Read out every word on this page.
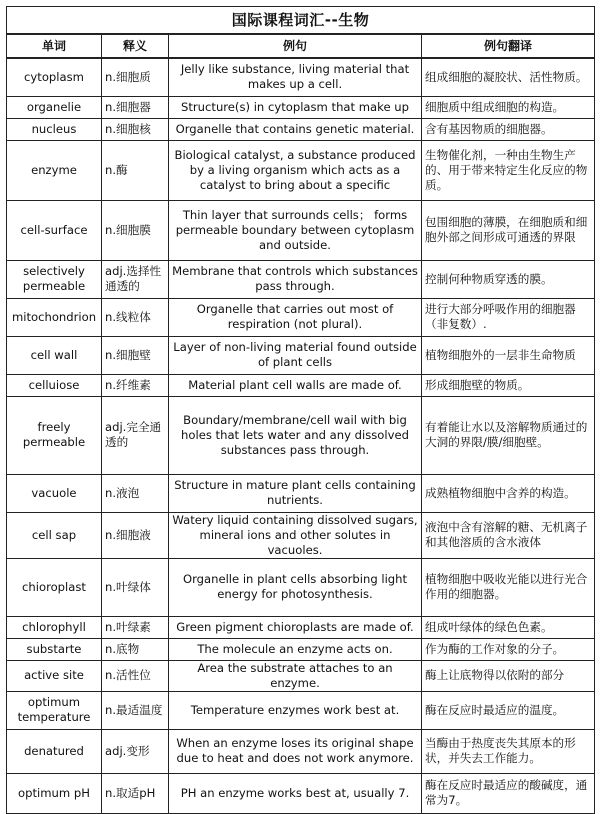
国际课程词汇--生物			
单词	释义	例句	例句翻译
cytoplasm	n.细胞质	Jelly like substance, living material that makes up a cell.	组成细胞的凝胶状、活性物质。
organelie	n.细胞器	Structure(s) in cytoplasm that make up	细胞质中组成细胞的构造。
nucleus	n.细胞核	Organelle that contains genetic material.	含有基因物质的细胞器。
enzyme	n.酶	Biological catalyst, a substance produced by a living organism which acts as a catalyst to bring about a specific	生物催化剂，一种由生物生产的、用于带来特定生化反应的物质。
cell-surface	n.细胞膜	Thin layer that surrounds cells； forms permeable boundary between cytoplasm and outside.	包围细胞的薄膜，在细胞质和细胞外部之间形成可通透的界限
selectively permeable	adj.选择性通透的	Membrane that controls which substances pass through.	控制何种物质穿透的膜。
mitochondrion	n.线粒体	Organelle that carries out most of respiration (not plural).	进行大部分呼吸作用的细胞器（非复数）.
cell wall	n.细胞壁	Layer of non-living material found outside of plant cells	植物细胞外的一层非生命物质
celluiose	n.纤维素	Material plant cell walls are made of.	形成细胞壁的物质。
freely permeable	adj.完全通透的	Boundary/membrane/cell wail with big holes that lets water and any dissolved substances pass through.	有着能让水以及溶解物质通过的大洞的界限/膜/细胞壁。
vacuole	n.液泡	Structure in mature plant cells containing nutrients.	成熟植物细胞中含养的构造。
cell sap	n.细胞液	Watery liquid containing dissolved sugars, mineral ions and other solutes in vacuoles.	液泡中含有溶解的糖、无机离子和其他溶质的含水液体
chioroplast	n.叶绿体	Organelle in plant cells absorbing light energy for photosynthesis.	植物细胞中吸收光能以进行光合作用的细胞器。
chlorophyll	n.叶绿素	Green pigment chioroplasts are made of.	组成叶绿体的绿色色素。
substarte	n.底物	The molecule an enzyme acts on.	作为酶的工作对象的分子。
active site	n.活性位	Area the substrate attaches to an enzyme.	酶上让底物得以依附的部分
optimum temperature	n.最适温度	Temperature enzymes work best at.	酶在反应时最适应的温度。
denatured	adj.变形	When an enzyme loses its original shape due to heat and does not work anymore.	当酶由于热度丧失其原本的形状，并失去工作能力。
optimum pH	n.取适pH	PH an enzyme works best at, usually 7.	酶在反应时最适应的酸碱度，通常为7。
